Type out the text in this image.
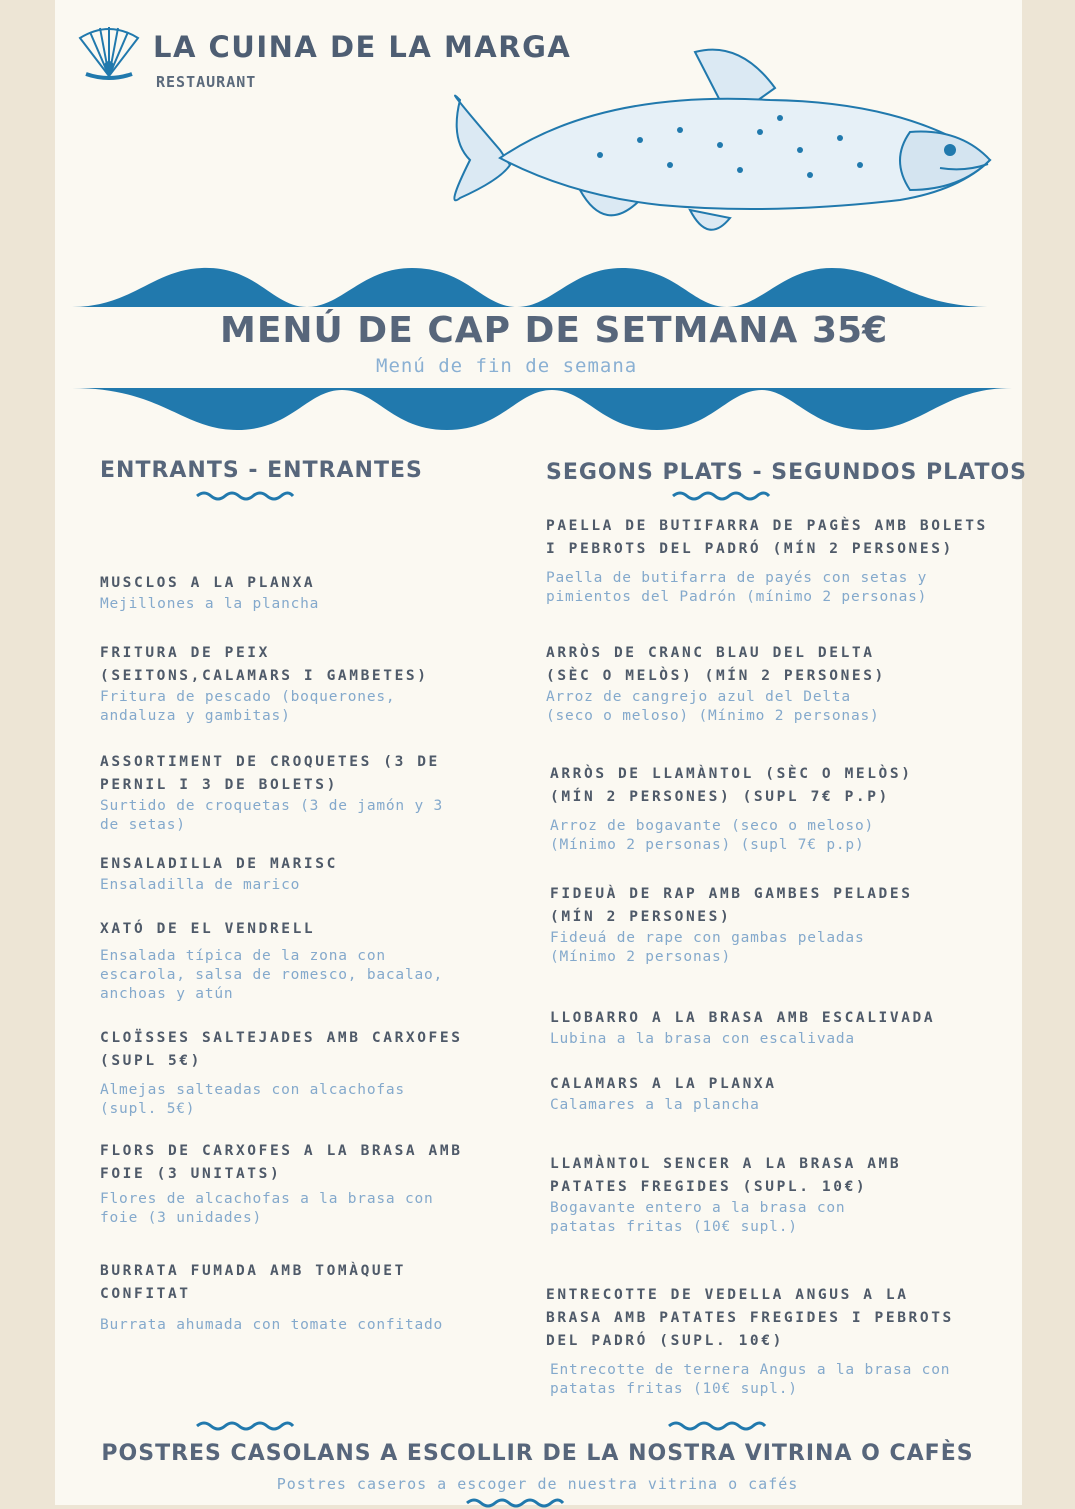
LA CUINA DE LA MARGA
RESTAURANT
MENÚ DE CAP DE SETMANA 35€
Menú de fin de semana
ENTRANTS - ENTRANTES	SEGONS PLATS - SEGUNDOS PLATOS
MUSCLOS A LA PLANXA
Mejillones a la plancha
FRITURA DE PEIX
(SEITONS,CALAMARS I GAMBETES)
Fritura de pescado (boquerones,
andaluza y gambitas)
ASSORTIMENT DE CROQUETES (3 DE
PERNIL I 3 DE BOLETS)
Surtido de croquetas (3 de jamón y 3
de setas)
ENSALADILLA DE MARISC
Ensaladilla de marico
XATÓ DE EL VENDRELL
Ensalada típica de la zona con
escarola, salsa de romesco, bacalao,
anchoas y atún
CLOÏSSES SALTEJADES AMB CARXOFES
(SUPL 5€)
Almejas salteadas con alcachofas
(supl. 5€)
FLORS DE CARXOFES A LA BRASA AMB
FOIE (3 UNITATS)
Flores de alcachofas a la brasa con
foie (3 unidades)
BURRATA FUMADA AMB TOMÀQUET
CONFITAT
Burrata ahumada con tomate confitado
PAELLA DE BUTIFARRA DE PAGÈS AMB BOLETS
I PEBROTS DEL PADRÓ (MÍN 2 PERSONES)
Paella de butifarra de payés con setas y
pimientos del Padrón (mínimo 2 personas)
ARRÒS DE CRANC BLAU DEL DELTA
(SÈC O MELÒS) (MÍN 2 PERSONES)
Arroz de cangrejo azul del Delta
(seco o meloso) (Mínimo 2 personas)
ARRÒS DE LLAMÀNTOL (SÈC O MELÒS)
(MÍN 2 PERSONES) (SUPL 7€ P.P)
Arroz de bogavante (seco o meloso)
(Mínimo 2 personas) (supl 7€ p.p)
FIDEUÀ DE RAP AMB GAMBES PELADES
(MÍN 2 PERSONES)
Fideuá de rape con gambas peladas
(Mínimo 2 personas)
LLOBARRO A LA BRASA AMB ESCALIVADA
Lubina a la brasa con escalivada
CALAMARS A LA PLANXA
Calamares a la plancha
LLAMÀNTOL SENCER A LA BRASA AMB
PATATES FREGIDES (SUPL. 10€)
Bogavante entero a la brasa con
patatas fritas (10€ supl.)
ENTRECOTTE DE VEDELLA ANGUS A LA
BRASA AMB PATATES FREGIDES I PEBROTS
DEL PADRÓ (SUPL. 10€)
Entrecotte de ternera Angus a la brasa con
patatas fritas (10€ supl.)
POSTRES CASOLANS A ESCOLLIR DE LA NOSTRA VITRINA O CAFÈS
Postres caseros a escoger de nuestra vitrina o cafés
